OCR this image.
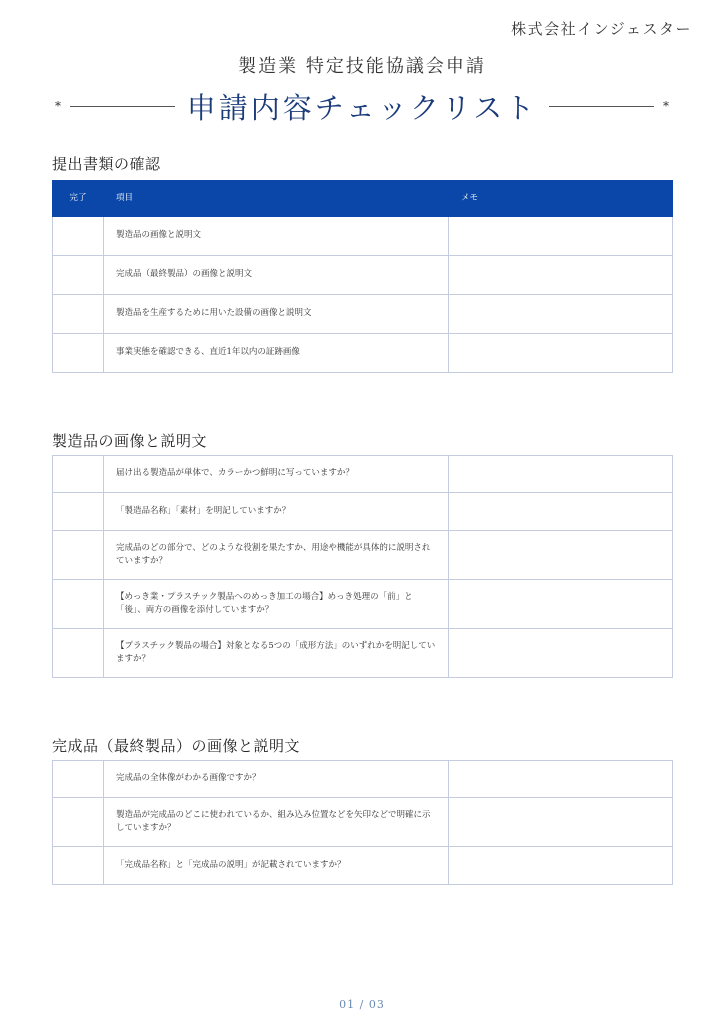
株式会社インジェスター
製造業 特定技能協議会申請
*	申請内容チェックリスト	*
提出書類の確認
完了	項目	メモ
	製造品の画像と説明文	
	完成品（最終製品）の画像と説明文	
	製造品を生産するために用いた設備の画像と説明文	
	事業実態を確認できる、直近1年以内の証跡画像	
製造品の画像と説明文
	届け出る製造品が単体で、カラーかつ鮮明に写っていますか？	
	「製造品名称」「素材」を明記していますか？	
	完成品のどの部分で、どのような役割を果たすか、用途や機能が具体的に説明されていますか？	
	【めっき業・プラスチック製品へのめっき加工の場合】めっき処理の「前」と「後」、両方の画像を添付していますか？	
	【プラスチック製品の場合】対象となる5つの「成形方法」のいずれかを明記していますか？	
完成品（最終製品）の画像と説明文
	完成品の全体像がわかる画像ですか？	
	製造品が完成品のどこに使われているか、組み込み位置などを矢印などで明確に示していますか？	
	「完成品名称」と「完成品の説明」が記載されていますか？	
01 / 03
